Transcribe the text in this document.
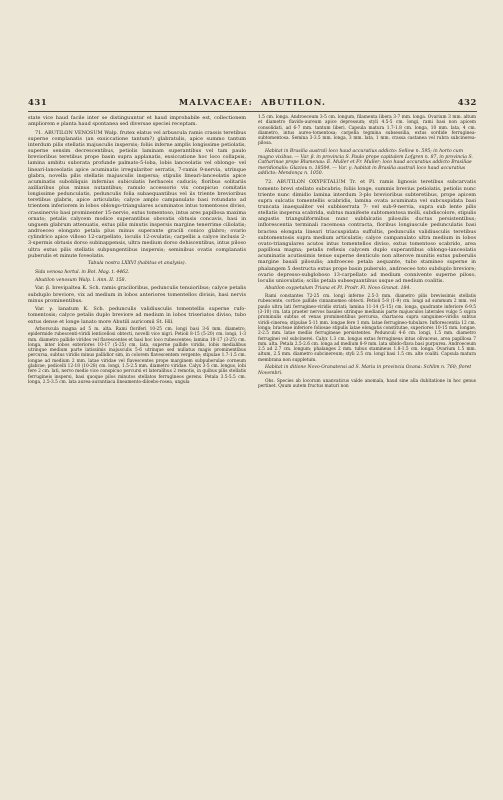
431	MALVACEAE: ABUTILON.	432

state vice haud facile inter se distinguuntur et haud improbabile est, collectionem ampliorem e planta haud spontanea sed diversae speciei receptam.

71. ABUTILON VENOSUM Walp. frutex elatus vel arbuscula ramis crassis teretibus superne complanatis (an exsiccatione tantum?) glabratulis, apice summo tantum interdum pilis stellatis majusculis inspersis; foliis inferne amplis longissime petiolatis, superne sensim decrescentibus, petiolis laminam superantibus vel tam paulo brevioribus teretibus prope basin supra applanatis, exsiccatione hoc loco collapsis, lamina ambitu suborata profunde palmato-5-loba, lobis lanceolatis vel oblongo- vel lineari-lanceolatis apice acuminatis irregulariter serratis, 7-ramis 9-nervia, utrinque glabra, novella pilis stellatis majusculis inspersa; stipulis lineari-lanceolatis apice acuminatis subobliquis infernius subiculatis herbaceis caducis; floribus solitariis axillaribus plus minus nutantibus; ramulo accessorio vix conspicuo comitatis longissime pedunculatis, pedunculis folia subaequantibus vel iis triente brevioribus teretibus glabris, apice articulatis; calyce amplo campanulato basi rotundato ad trientem inferiorem in lobos oblongo-triangulares acuminatos intus tomentosos diviso, crassinervio basi prominenter 15-nervio, extus tomentoso, intus ares papillosa maxima ornato; petalis calycem modice superantibus obovatis obtusis concavis, basi in unguem glabrum attenuatis, extus pilis minutis inspersis margine tenerrime ciliolatis; androeceo elongato petala plus minus superante gracili conico glabro; ovario cylindrico apice villoso 12-carpellato, loculis 12-ovulatis; carpellis a calyce inclusis 2-3-spermis obtusis dorso subinappensis, ultra medium dorso dehiscentibus, intus piloso ultra extus pilis stellatis subpungentibus inspersis; seminibus ovatis complanatis puberulis et minute foveolatis.

Tabula nostra LXXVI (habitus et analysis).

Sida venosa hortul. in Bot. Mag. t. 4462.

Abutilon venosum Walp. l. Ann. II. 158.

Var. β. brevipaltea K. Sch. ramis graciloribus, pedunculis tenuioribus; calyce petalis subduplo breviore, vix ad medium in lobos anteriores tomentellos divisis, basi nervis minus prominentibus.

Var. γ. lanatum K. Sch. pedunculis validiusculis tomentellis superne rufo-tomentosis; calyce petalis duplo breviore ad medium in lobos triseriatos diviso, tubo extus dense et longe lanato more Abutili auricomii St. Hil.

Arborscula magna ad 5 m. alta. Rami floriferi 10-25 cm. longi basi 3-6 mm. diametro, epidermide rubescenti-viridi lenticellosi obtecti, novelli vice nigri. Petioli 8-15 (5-20) cm. longi, 1-3 mm. diametro pallide virides vel flavescentes et basi hoc loco rubescentes; lamina 10-17 (3-25) cm. longa, inter lobos exteriores 10-17 (5-25) cm. lata, superne pallide viridis, lobis medialibus utrinque medium parte latissimis majusculis 5-6 utrinque sed nullatus magis prominentibus percursa, subtus viridis minus pallidior sim, in colorem flavescentem vergente; stipulae 1.7-1.5 cm. longae ad medium 2 mm. latae viridae vel flavescentes prope marginem subpuberulae corneum glabrae; pedicelli 12-18 (10-28) cm. longi, 1.5-2.5 mm. diametro viridae. Calyx 3-5 cm. longus, lobi fere 2 cm. lati, nervo medio vice conspicuo percursi et lateralibus 2 remotis, in quibus pilis stellatis ferrugineis inspersi, basi quoque pilos minutos stellatos ferrugineos gerens. Petala 3.5-5.5 cm. longa, 2.5-3.5 cm. lata aurea-aurantiaca lineamento-diloebo-rosea, ungula

1.5 cm. longa. Androeceum 3-5 cm. longum, filamenta libera 3-7 mm. longa. Ovarium 3 mm. altum et diametro flavido-aureum apice depressum; styli 4.5-5 cm. longi, rami basi non apicem consolidati, ad 6-7 mm. tantum liberi. Capsula matura 1.7-1.8 cm. longa, 10 mm. lata, 4 cm. diametro, intus aureo-tomentosa; carpella tegmina subsessilia, extus sordide ferruginea-subtomentosa. Semina 3-3.5 mm. longa, 3 mm. lata, 1 mm. crassa castanea vel rubra subcinerea-pilosa.

Habitat in Brasilia australi loco haud accuratius addicto: Sellow n. 595; in horto cum magno vixibus. — Var. β. in provincia S. Paulo prope capitalem Lofgren n. 87, in provincia S. Catharinae prope Blumenau: E. Muller et Fr. Muller; loco haud accuratius addicto Brasiliae meridionalis: Glaziou n. 18504. — Var. γ. habitat in Brasilia australi loco haud accuratius addicto: Mendonça n. 1050.

72. ABUTILON OXYPETALUM Tr. et Pl. ramis lignosis teretibus subcarvatis tomento brevi stellato subcabris; foliis longe, summis brevius petiolatis, petiolis nunc triente nunc dimidio lamina interdum 3-plo brevioribus subteretibus, prope apicem supra sulcatis tomentellis scabridis, lamina ovata acuminata vel subcuspidata basi truncata inaequaliter vel subbiserrata 7- vel sub-9-nervia, supra sub lente pilis stellatis inspersa scabrida, subtus manifeste subtomentosa molli, subdiscolore, stipulis angustis trianguliformibus nunc subfalcatis pilosulis ductus persistentibus; inflorescentia terminali racemosa contracta, floribus longiuscule pedunculatis basi bractea elongata lineari triacuspidata suffultis, pedunculis validiusculis teretibus subtomentosis supra medium articulatis; calyce campanulato ultra medium in lobos ovato-triangulares acutos intus tomentellos diviso, extus tomentoso scabrido, area papillosa magna; petalis reflexis calycem duplo superantibus oblongo-lanceolatis acuminatis acutissimis tenue superne denticulo non alterove munitis extus puberulis margine basali pilosulis; androeceo petala aequante, tubo stamineo superne in phalangem 5 destructa extus prope basin puberulo, androeceo toto subduplo breviore; ovario depresso-subgloboso 13-carpellato ad medium connivente superne piloso, loculis uniovulatis; scilis petala subsequantibus usque ad medium coalitis.

Abutilon oxypetalum Triana et Pl. Prodr. Fl. Novo Granat. 184.

Rami constantes 72-25 cm. longi inferne 2.5-3 mm. diametro pilis brevissimis stellatis rubescente, cortice pallide cinnamomeo obtecti. Petioli 5-8 (1-9) cm. longi ad summum 2 mm. vel paulo ultra lati ferrugineo-viridis striati; lamina 11-14 (5-15) cm. longa, quadrante inferiore 6-9.5 (3-10) cm. lata praeter nervos basales utrinque medianis parte majusculos laterales vulgo 5 supra prominulis subtus et venas prominentibus percursa, chartacea supra sanguineo-viridis subtus viridi-cinerea; stipulae 5-11 mm. longae fere 1 mm. latae ferrugineo-tubulare. Inflorescentia 12 cm. longa; bracteae inferiore foliosae stipulis latae elongatis constitutae, superiores 10-15 mm. longae, 2-2.5 mm. latae mediis ferrugineae persistentes. Pedunculi 4-6 cm. longi, 1.5 mm. diametro ferruginei vel subcinerei. Calyx 1.3 cm. longus extus ferrugineus intus olivaceus, area papillosa 7 mm. alta. Petala 2.5-2.6 cm. longa ad medium 8-9 mm. lata sibido-flava basi purpurea. Androeceum 2.5 ad 2.7 cm. longum; phalanges 2 mm. tubus stamineus 1.8-1.5 cm. longa. Ovarium 1.5 mm. altum, 2.5 mm. diametro subcinereum; styli 2.5 cm. longi basi 1.5 cm. alte coaliti. Capsula matura membrana non suppletum.

Habitat in ditione Novo-Granatensi ad S. Maria in provincia Ocana: Schlim n. 760; floret Novembri.

Obs. Species ab locorum unanvaticus valde anomala, haud sine alla dubitatione in hoc genus pertinet. Quum autem fructus maturi non
